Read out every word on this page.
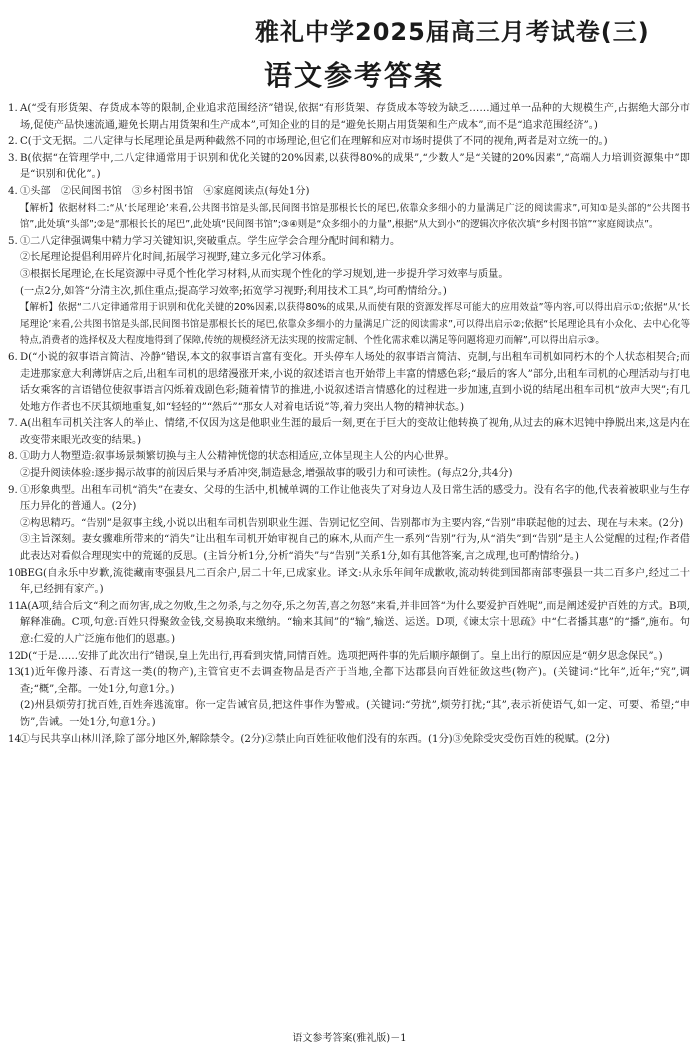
雅礼中学2025届高三月考试卷(三)
语文参考答案
1. A(“受有形货架、存货成本等的限制,企业追求范围经济”错误,依据“有形货架、存货成本等较为缺乏……通过单一品种的大规模生产,占据绝大部分市场,促使产品快速流通,避免长期占用货架和生产成本”,可知企业的目的是“避免长期占用货架和生产成本”,而不是“追求范围经济”。)
2. C(于文无据。二八定律与长尾理论虽是两种截然不同的市场理论,但它们在理解和应对市场时提供了不同的视角,两者是对立统一的。)
3. B(依据“在管理学中,二八定律通常用于识别和优化关键的20%因素,以获得80%的成果”,“少数人”是“关键的20%因素”,“高端人力培训资源集中”即是“识别和优化”。)
4. ①头部　②民间图书馆　③乡村图书馆　④家庭阅读点(每处1分)
【解析】依据材料二:“从‘长尾理论’来看,公共图书馆是头部,民间图书馆是那根长长的尾巴,依靠众多细小的力量满足广泛的阅读需求”,可知①是头部的“公共图书馆”,此处填“头部”;②是“那根长长的尾巴”,此处填“民间图书馆”;③④则是“众多细小的力量”,根据“从大到小”的逻辑次序依次填“乡村图书馆”“家庭阅读点”。
5. ①二八定律强调集中精力学习关键知识,突破重点。学生应学会合理分配时间和精力。
②长尾理论提倡利用碎片化时间,拓展学习视野,建立多元化学习体系。
③根据长尾理论,在长尾资源中寻觅个性化学习材料,从而实现个性化的学习规划,进一步提升学习效率与质量。
(一点2分,如答“分清主次,抓住重点;提高学习效率;拓宽学习视野;利用技术工具”,均可酌情给分。)
【解析】依据“二八定律通常用于识别和优化关键的20%因素,以获得80%的成果,从而使有限的资源发挥尽可能大的应用效益”等内容,可以得出启示①;依据“从‘长尾理论’来看,公共图书馆是头部,民间图书馆是那根长长的尾巴,依靠众多细小的力量满足广泛的阅读需求”,可以得出启示②;依据“长尾理论具有小众化、去中心化等特点,消费者的选择权及大程度地得到了保障,传统的规模经济无法实现的按需定制、个性化需求难以满足等问题将迎刃而解”,可以得出启示③。
6. D(“小说的叙事语言简洁、冷静”错误,本文的叙事语言富有变化。开头停车人场处的叙事语言简洁、克制,与出租车司机如同朽木的个人状态相契合;而走进那家意大利薄饼店之后,出租车司机的思绪漫涨开来,小说的叙述语言也开始带上丰富的情感色彩;“最后的客人”部分,出租车司机的心理活动与打电话女乘客的言语错位使叙事语言闪烁着戏剧色彩;随着情节的推进,小说叙述语言情感化的过程进一步加速,直到小说的结尾出租车司机“放声大哭”;有几处地方作者也不厌其烦地重复,如“轻轻的”“然后”“那女人对着电话说”等,着力突出人物的精神状态。)
7. A(出租车司机关注客人的举止、情绪,不仅因为这是他职业生涯的最后一刻,更在于巨大的变故让他转换了视角,从过去的麻木迟钝中挣脱出来,这是内在改变带来眼光改变的结果。)
8. ①助力人物塑造:叙事场景频繁切换与主人公精神恍惚的状态相适应,立体呈现主人公的内心世界。
②提升阅读体验:逐步揭示故事的前因后果与矛盾冲突,制造悬念,增强故事的吸引力和可读性。(每点2分,共4分)
9. ①形象典型。出租车司机“消失”在妻女、父母的生活中,机械单调的工作让他丧失了对身边人及日常生活的感受力。没有名字的他,代表着被职业与生存压力异化的普通人。(2分)
②构思精巧。“告别”是叙事主线,小说以出租车司机告别职业生涯、告别记忆空间、告别都市为主要内容,“告别”串联起他的过去、现在与未来。(2分)
③主旨深刻。妻女骤难所带来的“消失”让出租车司机开始审视自己的麻木,从而产生一系列“告别”行为,从“消失”到“告别”是主人公觉醒的过程;作者借此表达对看似合理现实中的荒诞的反思。(主旨分析1分,分析“消失”与“告别”关系1分,如有其他答案,言之成理,也可酌情给分。)
10.
BEG(自永乐中岁歉,流徙藏南枣强县凡二百余户,居二十年,已成家业。译文:从永乐年间年成歉收,流动转徙到国都南部枣强县一共二百多户,经过二十年,已经拥有家产。)
11.
A(A项,结合后文“利之而勿害,成之勿败,生之勿杀,与之勿夺,乐之勿苦,喜之勿怒”来看,并非回答“为什么要爱护百姓呢”,而是阐述爱护百姓的方式。B项,解释准确。C项,句意:百姓只得聚敛金钱,交易换取来缴纳。“输来其间”的“输”,输送、运送。D项,《谏太宗十思疏》中“仁者播其惠”的“播”,施布。句意:仁爱的人广泛施布他们的恩惠。)
12.
D(“于是……安排了此次出行”错误,皇上先出行,再看到灾情,同情百姓。选项把两件事的先后顺序颠倒了。皇上出行的原因应是“朝夕思念保民”。)
13.
(1)近年像丹漆、石青这一类(的物产),主管官吏不去调查物品是否产于当地,全都下达郡县向百姓征敛这些(物产)。(关键词:“比年”,近年;“究”,调查;“概”,全都。一处1分,句意1分。)
(2)州县烦劳打扰百姓,百姓奔逃流窜。你一定告诫官员,把这件事作为警戒。(关键词:“劳扰”,烦劳打扰;“其”,表示祈使语气,如一定、可要、希望;“申饬”,告诫。一处1分,句意1分。)
14.
①与民共享山林川泽,除了部分地区外,解除禁令。(2分)②禁止向百姓征收他们没有的东西。(1分)③免除受灾受伤百姓的税赋。(2分)
语文参考答案(雅礼版)－1
